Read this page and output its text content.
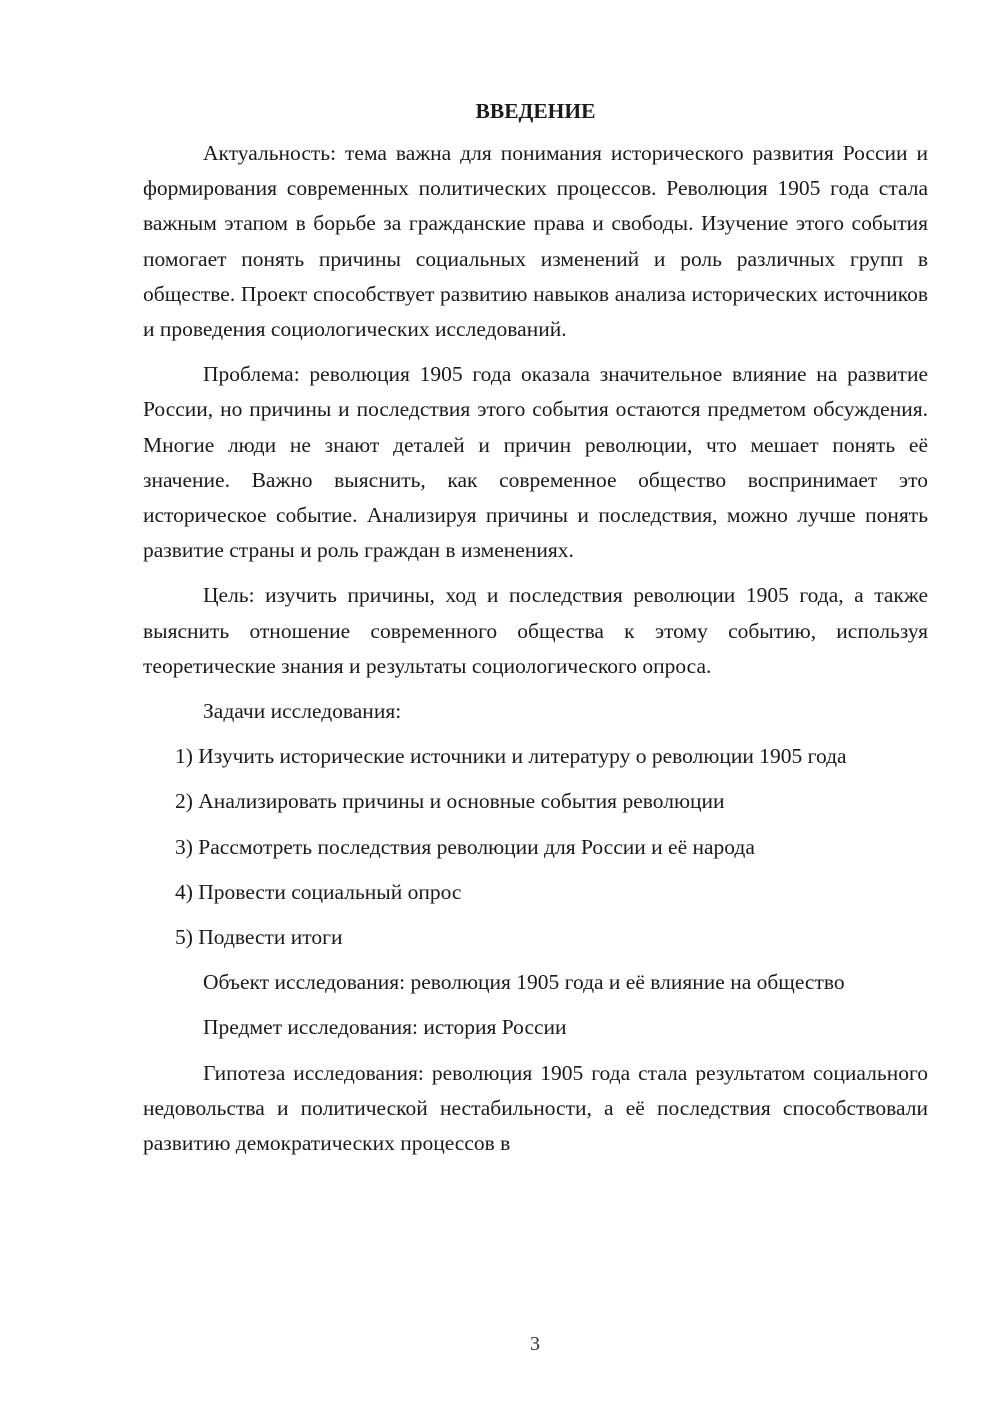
ВВЕДЕНИЕ

Актуальность: тема важна для понимания исторического развития России и формирования современных политических процессов. Революция 1905 года стала важным этапом в борьбе за гражданские права и свободы. Изучение этого события помогает понять причины социальных изменений и роль различных групп в обществе. Проект способствует развитию навыков анализа исторических источников и проведения социологических исследований.

Проблема: революция 1905 года оказала значительное влияние на развитие России, но причины и последствия этого события остаются предметом обсуждения. Многие люди не знают деталей и причин революции, что мешает понять её значение. Важно выяснить, как современное общество воспринимает это историческое событие. Анализируя причины и последствия, можно лучше понять развитие страны и роль граждан в изменениях.

Цель: изучить причины, ход и последствия революции 1905 года, а также выяснить отношение современного общества к этому событию, используя теоретические знания и результаты социологического опроса.

Задачи исследования:

1) Изучить исторические источники и литературу о революции 1905 года

2) Анализировать причины и основные события революции

3) Рассмотреть последствия революции для России и её народа

4) Провести социальный опрос

5) Подвести итоги

Объект исследования: революция 1905 года и её влияние на общество

Предмет исследования: история России

Гипотеза исследования: революция 1905 года стала результатом социального недовольства и политической нестабильности, а её последствия способствовали развитию демократических процессов в

3
